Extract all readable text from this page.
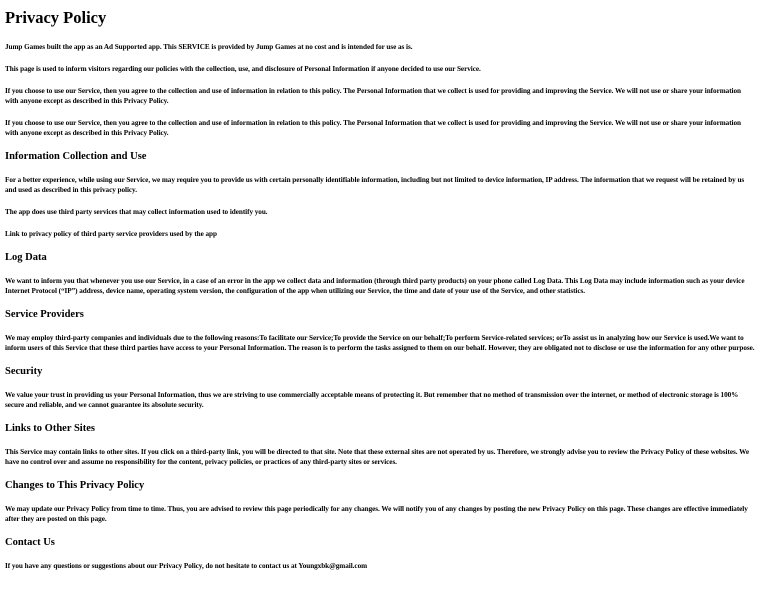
Privacy Policy

Jump Games built the app as an Ad Supported app. This SERVICE is provided by Jump Games at no cost and is intended for use as is.

This page is used to inform visitors regarding our policies with the collection, use, and disclosure of Personal Information if anyone decided to use our Service.

If you choose to use our Service, then you agree to the collection and use of information in relation to this policy. The Personal Information that we collect is used for providing and improving the Service. We will not use or share your information with anyone except as described in this Privacy Policy.

If you choose to use our Service, then you agree to the collection and use of information in relation to this policy. The Personal Information that we collect is used for providing and improving the Service. We will not use or share your information with anyone except as described in this Privacy Policy.

Information Collection and Use

For a better experience, while using our Service, we may require you to provide us with certain personally identifiable information, including but not limited to device information, IP address. The information that we request will be retained by us and used as described in this privacy policy.

The app does use third party services that may collect information used to identify you.

Link to privacy policy of third party service providers used by the app

Log Data

We want to inform you that whenever you use our Service, in a case of an error in the app we collect data and information (through third party products) on your phone called Log Data. This Log Data may include information such as your device Internet Protocol (“IP”) address, device name, operating system version, the configuration of the app when utilizing our Service, the time and date of your use of the Service, and other statistics.

Service Providers

We may employ third-party companies and individuals due to the following reasons:To facilitate our Service;To provide the Service on our behalf;To perform Service-related services; orTo assist us in analyzing how our Service is used.We want to inform users of this Service that these third parties have access to your Personal Information. The reason is to perform the tasks assigned to them on our behalf. However, they are obligated not to disclose or use the information for any other purpose.

Security

We value your trust in providing us your Personal Information, thus we are striving to use commercially acceptable means of protecting it. But remember that no method of transmission over the internet, or method of electronic storage is 100% secure and reliable, and we cannot guarantee its absolute security.

Links to Other Sites

This Service may contain links to other sites. If you click on a third-party link, you will be directed to that site. Note that these external sites are not operated by us. Therefore, we strongly advise you to review the Privacy Policy of these websites. We have no control over and assume no responsibility for the content, privacy policies, or practices of any third-party sites or services.

Changes to This Privacy Policy

We may update our Privacy Policy from time to time. Thus, you are advised to review this page periodically for any changes. We will notify you of any changes by posting the new Privacy Policy on this page. These changes are effective immediately after they are posted on this page.

Contact Us

If you have any questions or suggestions about our Privacy Policy, do not hesitate to contact us at Youngxbk@gmail.com
